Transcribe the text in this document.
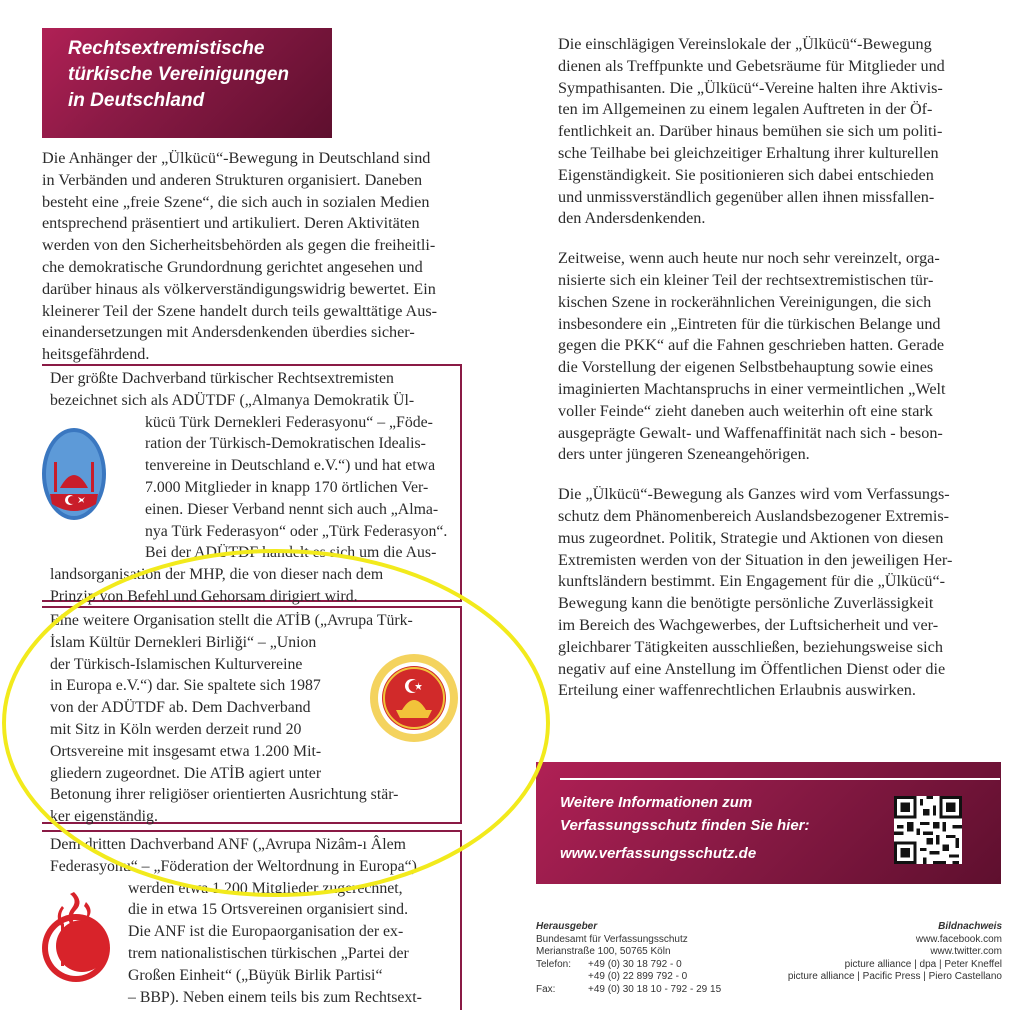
Rechtsextremistische
türkische Vereinigungen
in Deutschland

Die Anhänger der „Ülkücü“-Bewegung in Deutschland sind
in Verbänden und anderen Strukturen organisiert. Daneben
besteht eine „freie Szene“, die sich auch in sozialen Medien
entsprechend präsentiert und artikuliert. Deren Aktivitäten
werden von den Sicherheitsbehörden als gegen die freiheitli-
che demokratische Grundordnung gerichtet angesehen und
darüber hinaus als völkerverständigungswidrig bewertet. Ein
kleinerer Teil der Szene handelt durch teils gewalttätige Aus-
einandersetzungen mit Andersdenkenden überdies sicher-
heitsgefährdend.

Der größte Dachverband türkischer Rechtsextremisten
bezeichnet sich als ADÜTDF („Almanya Demokratik Ül-
kücü Türk Dernekleri Federasyonu“ – „Föde-
ration der Türkisch-Demokratischen Idealis-
tenvereine in Deutschland e.V.“) und hat etwa
7.000 Mitglieder in knapp 170 örtlichen Ver-
einen. Dieser Verband nennt sich auch „Alma-
nya Türk Federasyon“ oder „Türk Federasyon“.
Bei der ADÜTDF handelt es sich um die Aus-
landsorganisation der MHP, die von dieser nach dem
Prinzip von Befehl und Gehorsam dirigiert wird.

Eine weitere Organisation stellt die ATİB („Avrupa Türk-
İslam Kültür Dernekleri Birliği“ – „Union
der Türkisch-Islamischen Kulturvereine
in Europa e.V.“) dar. Sie spaltete sich 1987
von der ADÜTDF ab. Dem Dachverband
mit Sitz in Köln werden derzeit rund 20
Ortsvereine mit insgesamt etwa 1.200 Mit-
gliedern zugeordnet. Die ATİB agiert unter
Betonung ihrer religiöser orientierten Ausrichtung stär-
ker eigenständig.

Dem dritten Dachverband ANF („Avrupa Nizâm-ı Âlem
Federasyonu“ – „Föderation der Weltordnung in Europa“)
werden etwa 1.200 Mitglieder zugerechnet,
die in etwa 15 Ortsvereinen organisiert sind.
Die ANF ist die Europaorganisation der ex-
trem nationalistischen türkischen „Partei der
Großen Einheit“ („Büyük Birlik Partisi“
– BBP). Neben einem teils bis zum Rechtsext-

Die einschlägigen Vereinslokale der „Ülkücü“-Bewegung
dienen als Treffpunkte und Gebetsräume für Mitglieder und
Sympathisanten. Die „Ülkücü“-Vereine halten ihre Aktivis-
ten im Allgemeinen zu einem legalen Auftreten in der Öf-
fentlichkeit an. Darüber hinaus bemühen sie sich um politi-
sche Teilhabe bei gleichzeitiger Erhaltung ihrer kulturellen
Eigenständigkeit. Sie positionieren sich dabei entschieden
und unmissverständlich gegenüber allen ihnen missfallen-
den Andersdenkenden.

Zeitweise, wenn auch heute nur noch sehr vereinzelt, orga-
nisierte sich ein kleiner Teil der rechtsextremistischen tür-
kischen Szene in rockerähnlichen Vereinigungen, die sich
insbesondere ein „Eintreten für die türkischen Belange und
gegen die PKK“ auf die Fahnen geschrieben hatten. Gerade
die Vorstellung der eigenen Selbstbehauptung sowie eines
imaginierten Machtanspruchs in einer vermeintlichen „Welt
voller Feinde“ zieht daneben auch weiterhin oft eine stark
ausgeprägte Gewalt- und Waffenaffinität nach sich - beson-
ders unter jüngeren Szeneangehörigen.

Die „Ülkücü“-Bewegung als Ganzes wird vom Verfassungs-
schutz dem Phänomenbereich Auslandsbezogener Extremis-
mus zugeordnet. Politik, Strategie und Aktionen von diesen
Extremisten werden von der Situation in den jeweiligen Her-
kunftsländern bestimmt. Ein Engagement für die „Ülkücü“-
Bewegung kann die benötigte persönliche Zuverlässigkeit
im Bereich des Wachgewerbes, der Luftsicherheit und ver-
gleichbarer Tätigkeiten ausschließen, beziehungsweise sich
negativ auf eine Anstellung im Öffentlichen Dienst oder die
Erteilung einer waffenrechtlichen Erlaubnis auswirken.

Weitere Informationen zum
Verfassungsschutz finden Sie hier:
www.verfassungsschutz.de
Herausgeber
Bundesamt für Verfassungsschutz
Merianstraße 100, 50765 Köln
Telefon: +49 (0) 30 18 792 - 0
+49 (0) 22 899 792 - 0
Fax:	+49 (0) 30 18 10 - 792 - 29 15
Bildnachweis
www.facebook.com
www.twitter.com
picture alliance | dpa | Peter Kneffel
picture alliance | Pacific Press | Piero Castellano
